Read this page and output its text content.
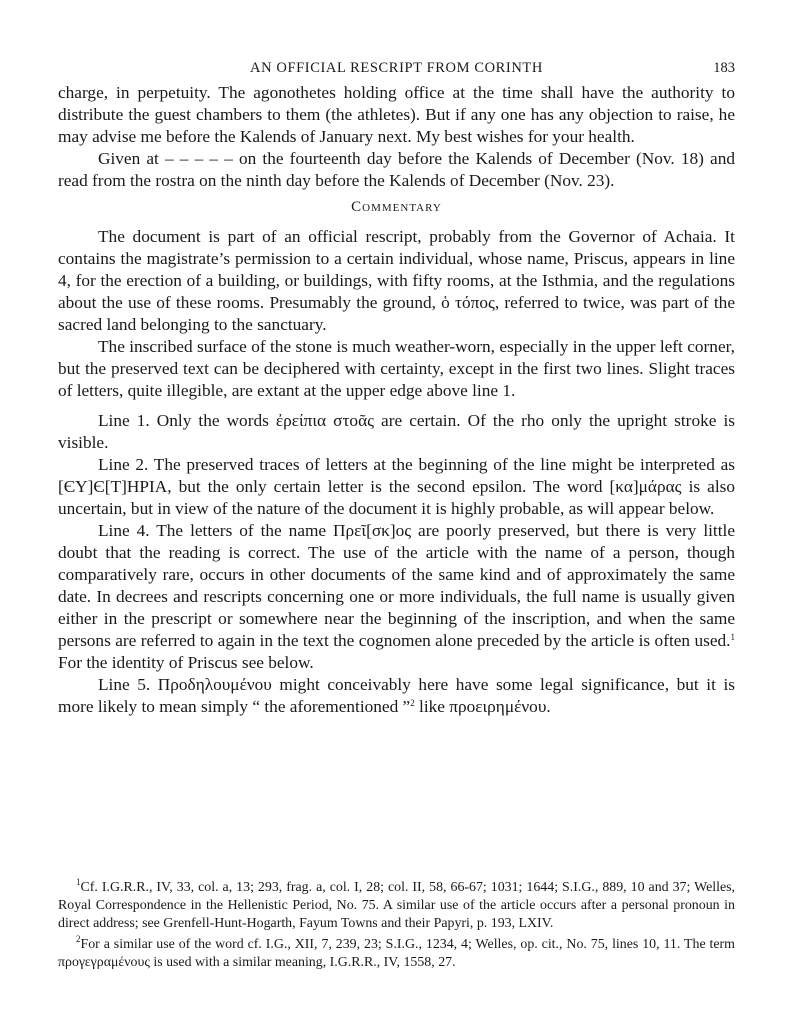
AN OFFICIAL RESCRIPT FROM CORINTH	183

charge, in perpetuity. The agonothetes holding office at the time shall have the authority to distribute the guest chambers to them (the athletes). But if any one has any objection to raise, he may advise me before the Kalends of January next. My best wishes for your health.

Given at – – – – – on the fourteenth day before the Kalends of December (Nov. 18) and read from the rostra on the ninth day before the Kalends of December (Nov. 23).

Commentary

The document is part of an official rescript, probably from the Governor of Achaia. It contains the magistrate’s permission to a certain individual, whose name, Priscus, appears in line 4, for the erection of a building, or buildings, with fifty rooms, at the Isthmia, and the regulations about the use of these rooms. Presumably the ground, ὁ τόπος, referred to twice, was part of the sacred land belonging to the sanctuary.

The inscribed surface of the stone is much weather-worn, especially in the upper left corner, but the preserved text can be deciphered with certainty, except in the first two lines. Slight traces of letters, quite illegible, are extant at the upper edge above line 1.

Line 1. Only the words ἐρείπια στοᾶς are certain. Of the rho only the upright stroke is visible.

Line 2. The preserved traces of letters at the beginning of the line might be interpreted as [ЄΥ]Є[Τ]ΗΡΙΑ, but the only certain letter is the second epsilon. The word [κα]μάρας is also uncertain, but in view of the nature of the document it is highly probable, as will appear below.

Line 4. The letters of the name Πρεῖ[σκ]ος are poorly preserved, but there is very little doubt that the reading is correct. The use of the article with the name of a person, though comparatively rare, occurs in other documents of the same kind and of approximately the same date. In decrees and rescripts concerning one or more individuals, the full name is usually given either in the prescript or somewhere near the beginning of the inscription, and when the same persons are referred to again in the text the cognomen alone preceded by the article is often used.$^1$ For the identity of Priscus see below.

Line 5. Προδηλουμένου might conceivably here have some legal significance, but it is more likely to mean simply “ the aforementioned ”$^2$ like προειρημένου.

$^1$Cf. I.G.R.R., IV, 33, col. a, 13; 293, frag. a, col. I, 28; col. II, 58, 66-67; 1031; 1644; S.I.G., 889, 10 and 37; Welles, Royal Correspondence in the Hellenistic Period, No. 75. A similar use of the article occurs after a personal pronoun in direct address; see Grenfell-Hunt-Hogarth, Fayum Towns and their Papyri, p. 193, LXIV.

$^2$For a similar use of the word cf. I.G., XII, 7, 239, 23; S.I.G., 1234, 4; Welles, op. cit., No. 75, lines 10, 11. The term προγεγραμένους is used with a similar meaning, I.G.R.R., IV, 1558, 27.
